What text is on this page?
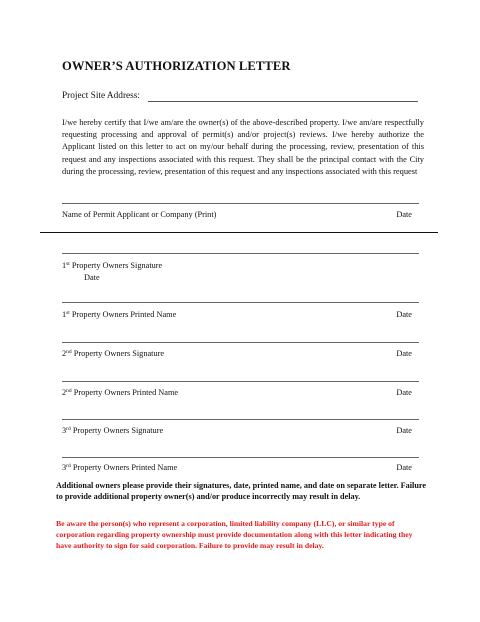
OWNER’S AUTHORIZATION LETTER
Project Site Address:
I/we hereby certify that I/we am/are the owner(s) of the above-described property. I/we am/are respectfully requesting processing and approval of permit(s) and/or project(s) reviews. I/we hereby authorize the Applicant listed on this letter to act on my/our behalf during the processing, review, presentation of this request and any inspections associated with this request. They shall be the principal contact with the City during the processing, review, presentation of this request and any inspections associated with this request
Name of Permit Applicant or Company (Print)	Date
1st Property Owners Signature
Date
1st Property Owners Printed Name	Date
2nd Property Owners Signature	Date
2nd Property Owners Printed Name	Date
3rd Property Owners Signature	Date
3rd Property Owners Printed Name	Date
Additional owners please provide their signatures, date, printed name, and date on separate letter. Failure to provide additional property owner(s) and/or produce incorrectly may result in delay.
Be aware the person(s) who represent a corporation, limited liability company (LLC), or similar type of corporation regarding property ownership must provide documentation along with this letter indicating they have authority to sign for said corporation. Failure to provide may result in delay.
